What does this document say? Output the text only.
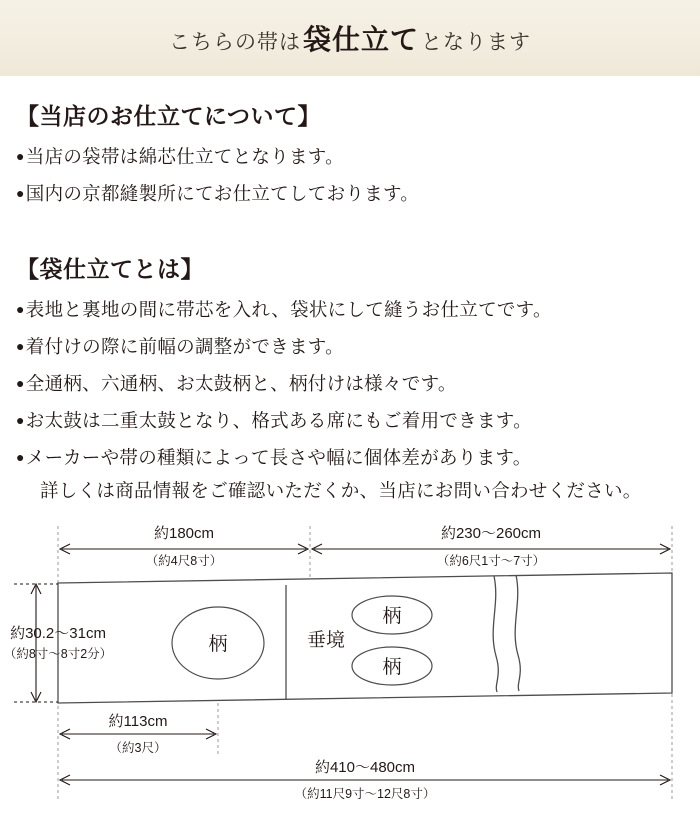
こちらの帯は 袋仕立て となります
【当店のお仕立てについて】

●当店の袋帯は綿芯仕立てとなります。

●国内の京都縫製所にてお仕立てしております。

【袋仕立てとは】

●表地と裏地の間に帯芯を入れ、袋状にして縫うお仕立てです。

●着付けの際に前幅の調整ができます。

●全通柄、六通柄、お太鼓柄と、柄付けは様々です。

●お太鼓は二重太鼓となり、格式ある席にもご着用できます。

●メーカーや帯の種類によって長さや幅に個体差があります。

詳しくは商品情報をご確認いただくか、当店にお問い合わせください。

約180cm
（約4尺8寸）
約230〜260cm
（約6尺1寸〜7寸）
柄	垂境
柄
柄
約30.2〜31cm
（約8寸〜8寸2分）
約113cm
（約3尺）
約410〜480cm
（約11尺9寸〜12尺8寸）
